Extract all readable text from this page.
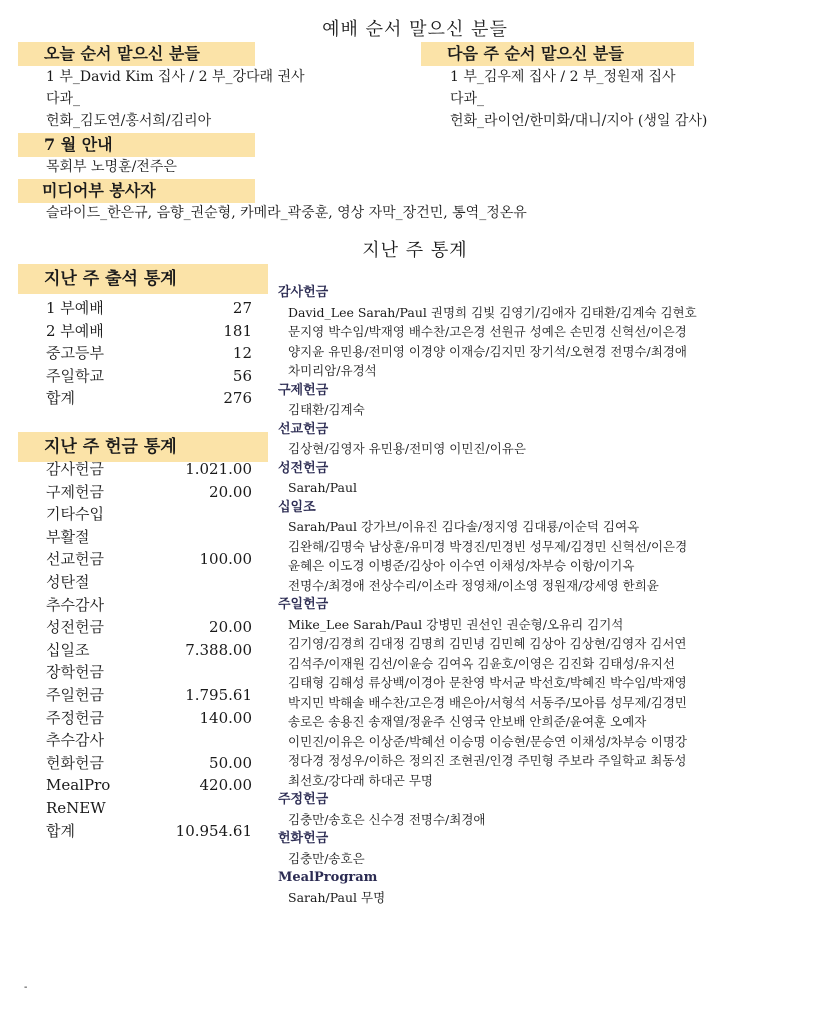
예배 순서 말으신 분들
오늘 순서 맡으신 분들
1 부_David Kim 집사 / 2 부_강다래 권사
다과_
헌화_김도연/홍서희/김리아
다음 주 순서 맡으신 분들
1 부_김우제 집사 / 2 부_정원재 집사
다과_
헌화_라이언/한미화/대니/지아 (생일 감사)
7 월 안내
목회부 노명훈/전주은
미디어부 봉사자
슬라이드_한은규, 음향_권순형, 카메라_곽중훈, 영상 자막_장건민, 통역_정온유
지난 주 통계
지난 주 출석 통계
1 부예배	27
2 부예배	181
중고등부	12
주일학교	56
합계	276
지난 주 헌금 통계
감사헌금	1.021.00
구제헌금	20.00
기타수입
부활절
선교헌금	100.00
성탄절
추수감사
성전헌금	20.00
십일조	7.388.00
장학헌금
주일헌금	1.795.61
주정헌금	140.00
추수감사
헌화헌금	50.00
MealPro	420.00
ReNEW
합계	10.954.61
감사헌금
David_Lee Sarah/Paul 권명희 김빛 김영기/김애자 김태환/김계숙 김현호
문지영 박수임/박재영 배수찬/고은경 선원규 성예은 손민경 신혁선/이은경
양지윤 유민용/전미영 이경양 이재승/김지민 장기석/오현경 전명수/최경애
차미리암/유경석
구제헌금
김태환/김계숙
선교헌금
김상현/김영자 유민용/전미영 이민진/이유은
성전헌금
Sarah/Paul
십일조
Sarah/Paul 강가브/이유진 김다솔/정지영 김대룡/이순덕 김여옥
김완해/김명숙 남상훈/유미경 박경진/민경빈 성무제/김경민 신혁선/이은경
윤혜은 이도경 이병준/김상아 이수연 이채성/차부승 이항/이기옥
전명수/최경애 전상수리/이소라 정영채/이소영 정원재/강세영 한희윤
주일헌금
Mike_Lee Sarah/Paul 강병민 권선인 권순형/오유리 김기석
김기영/김경희 김대정 김명희 김민녕 김민혜 김상아 김상현/김영자 김서연
김석주/이재원 김선/이윤승 김여옥 김윤호/이영은 김진화 김태성/유지선
김태형 김해성 류상백/이경아 문찬영 박서균 박선호/박혜진 박수임/박재영
박지민 박해솔 배수찬/고은경 배은아/서형석 서동주/모아름 성무제/김경민
송로은 송용진 송재열/정윤주 신영국 안보배 안희준/윤여훈 오예자
이민진/이유은 이상준/박혜선 이승명 이승현/문승연 이채성/차부승 이명강
정다경 정성우/이하은 정의진 조현권/인경 주민형 주보라 주일학교 최동성
최선호/강다래 하대곤 무명
주정헌금
김충만/송호은 신수경 전명수/최경애
헌화헌금
김충만/송호은
MealProgram
Sarah/Paul 무명
-
